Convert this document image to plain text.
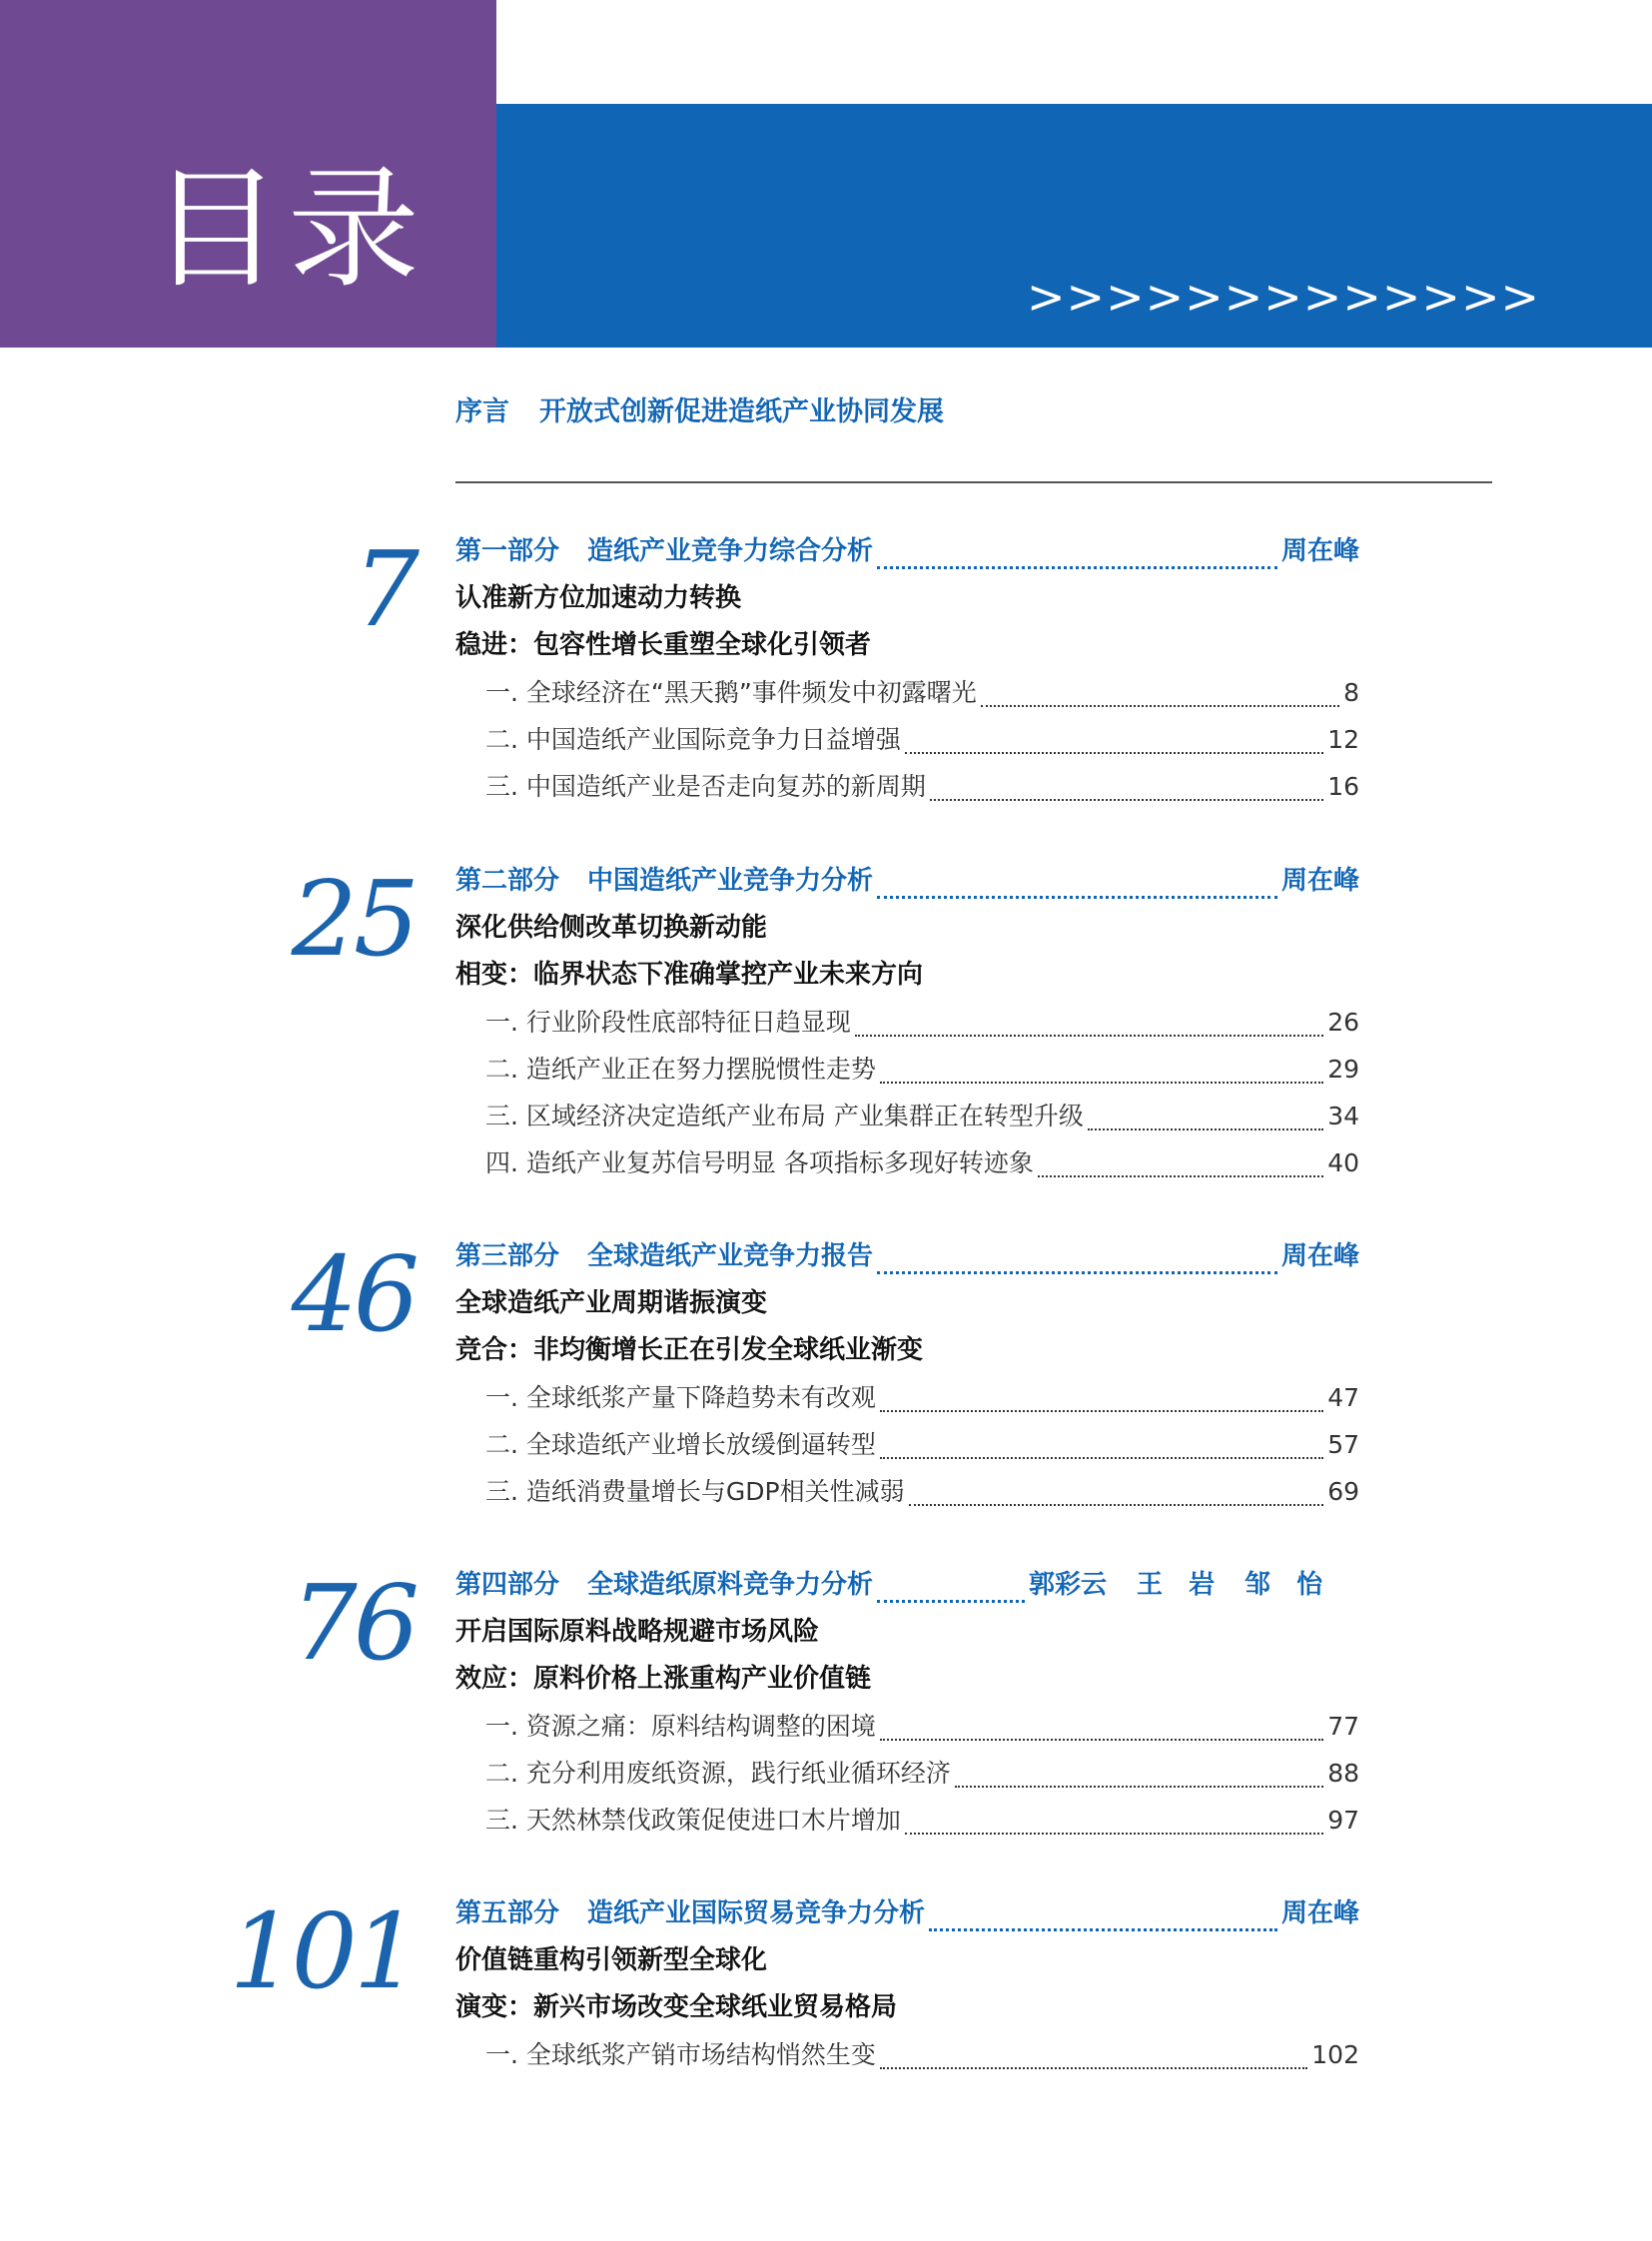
目录	>>>>>>>>>>>>>
序言 开放式创新促进造纸产业协同发展
7 第一部分 造纸产业竞争力综合分析	周在峰
认准新方位加速动力转换
稳进：包容性增长重塑全球化引领者
一. 全球经济在“黑天鹅”事件频发中初露曙光	8
二. 中国造纸产业国际竞争力日益增强	12
三. 中国造纸产业是否走向复苏的新周期	16
25 第二部分 中国造纸产业竞争力分析	周在峰
深化供给侧改革切换新动能
相变：临界状态下准确掌控产业未来方向
一. 行业阶段性底部特征日趋显现	26
二. 造纸产业正在努力摆脱惯性走势	29
三. 区域经济决定造纸产业布局 产业集群正在转型升级	34
四. 造纸产业复苏信号明显 各项指标多现好转迹象	40
46 第三部分 全球造纸产业竞争力报告	周在峰
全球造纸产业周期谐振演变
竞合：非均衡增长正在引发全球纸业渐变
一. 全球纸浆产量下降趋势未有改观	47
二. 全球造纸产业增长放缓倒逼转型	57
三. 造纸消费量增长与GDP相关性减弱	69
76 第四部分 全球造纸原料竞争力分析	郭彩云 王 岩 邹 怡
开启国际原料战略规避市场风险
效应：原料价格上涨重构产业价值链
一. 资源之痛：原料结构调整的困境	77
二. 充分利用废纸资源，践行纸业循环经济	88
三. 天然林禁伐政策促使进口木片增加	97
101 第五部分 造纸产业国际贸易竞争力分析	周在峰
价值链重构引领新型全球化
演变：新兴市场改变全球纸业贸易格局
一. 全球纸浆产销市场结构悄然生变	102
